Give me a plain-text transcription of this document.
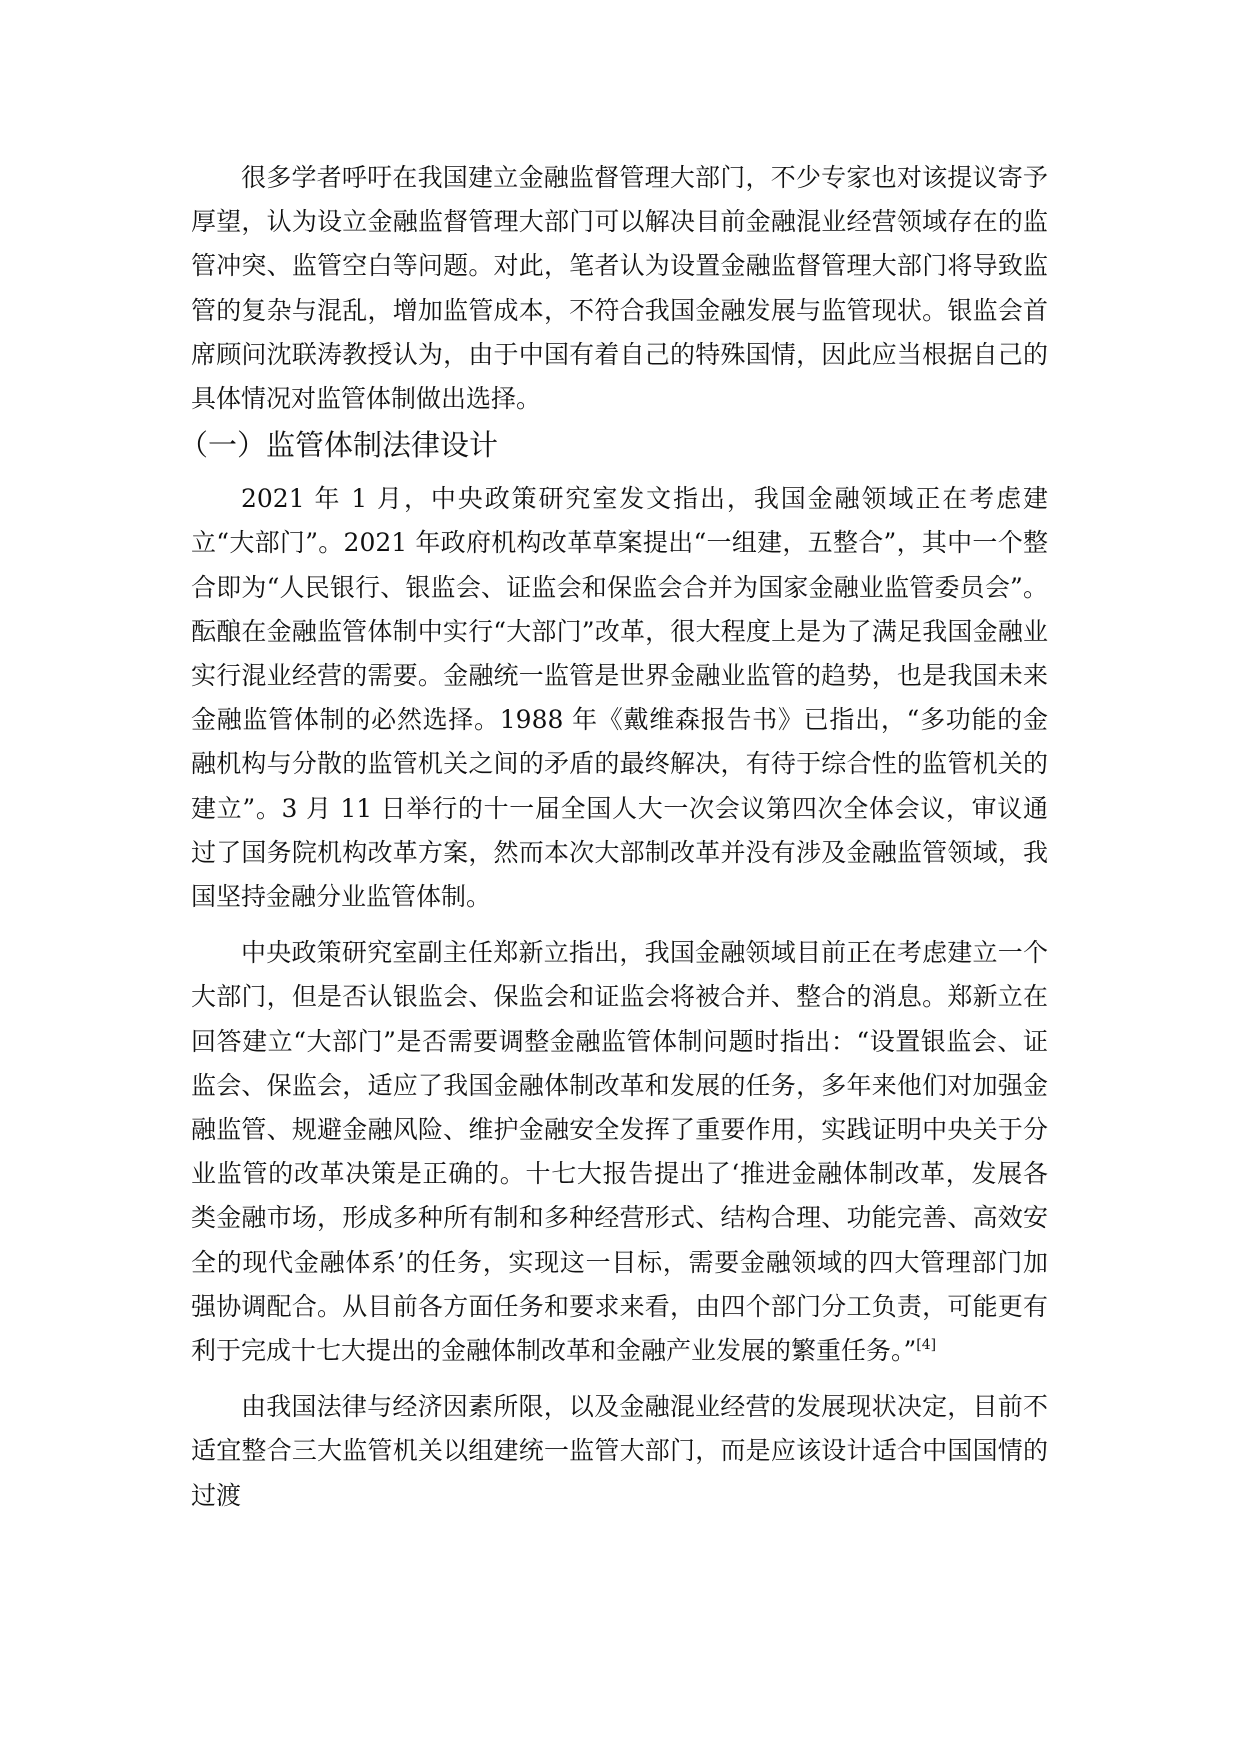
很多学者呼吁在我国建立金融监督管理大部门，不少专家也对该提议寄予厚望，认为设立金融监督管理大部门可以解决目前金融混业经营领域存在的监管冲突、监管空白等问题。对此，笔者认为设置金融监督管理大部门将导致监管的复杂与混乱，增加监管成本，不符合我国金融发展与监管现状。银监会首席顾问沈联涛教授认为，由于中国有着自己的特殊国情，因此应当根据自己的具体情况对监管体制做出选择。

（一）监管体制法律设计

2021 年 1 月，中央政策研究室发文指出，我国金融领域正在考虑建立“大部门”。2021 年政府机构改革草案提出“一组建，五整合”，其中一个整合即为“人民银行、银监会、证监会和保监会合并为国家金融业监管委员会”。酝酿在金融监管体制中实行“大部门”改革，很大程度上是为了满足我国金融业实行混业经营的需要。金融统一监管是世界金融业监管的趋势，也是我国未来金融监管体制的必然选择。1988 年《戴维森报告书》已指出，“多功能的金融机构与分散的监管机关之间的矛盾的最终解决，有待于综合性的监管机关的建立”。3 月 11 日举行的十一届全国人大一次会议第四次全体会议，审议通过了国务院机构改革方案，然而本次大部制改革并没有涉及金融监管领域，我国坚持金融分业监管体制。

中央政策研究室副主任郑新立指出，我国金融领域目前正在考虑建立一个大部门，但是否认银监会、保监会和证监会将被合并、整合的消息。郑新立在回答建立“大部门”是否需要调整金融监管体制问题时指出：“设置银监会、证监会、保监会，适应了我国金融体制改革和发展的任务，多年来他们对加强金融监管、规避金融风险、维护金融安全发挥了重要作用，实践证明中央关于分业监管的改革决策是正确的。十七大报告提出了‘推进金融体制改革，发展各类金融市场，形成多种所有制和多种经营形式、结构合理、功能完善、高效安全的现代金融体系’的任务，实现这一目标，需要金融领域的四大管理部门加强协调配合。从目前各方面任务和要求来看，由四个部门分工负责，可能更有利于完成十七大提出的金融体制改革和金融产业发展的繁重任务。”[4]

由我国法律与经济因素所限，以及金融混业经营的发展现状决定，目前不适宜整合三大监管机关以组建统一监管大部门，而是应该设计适合中国国情的过渡
